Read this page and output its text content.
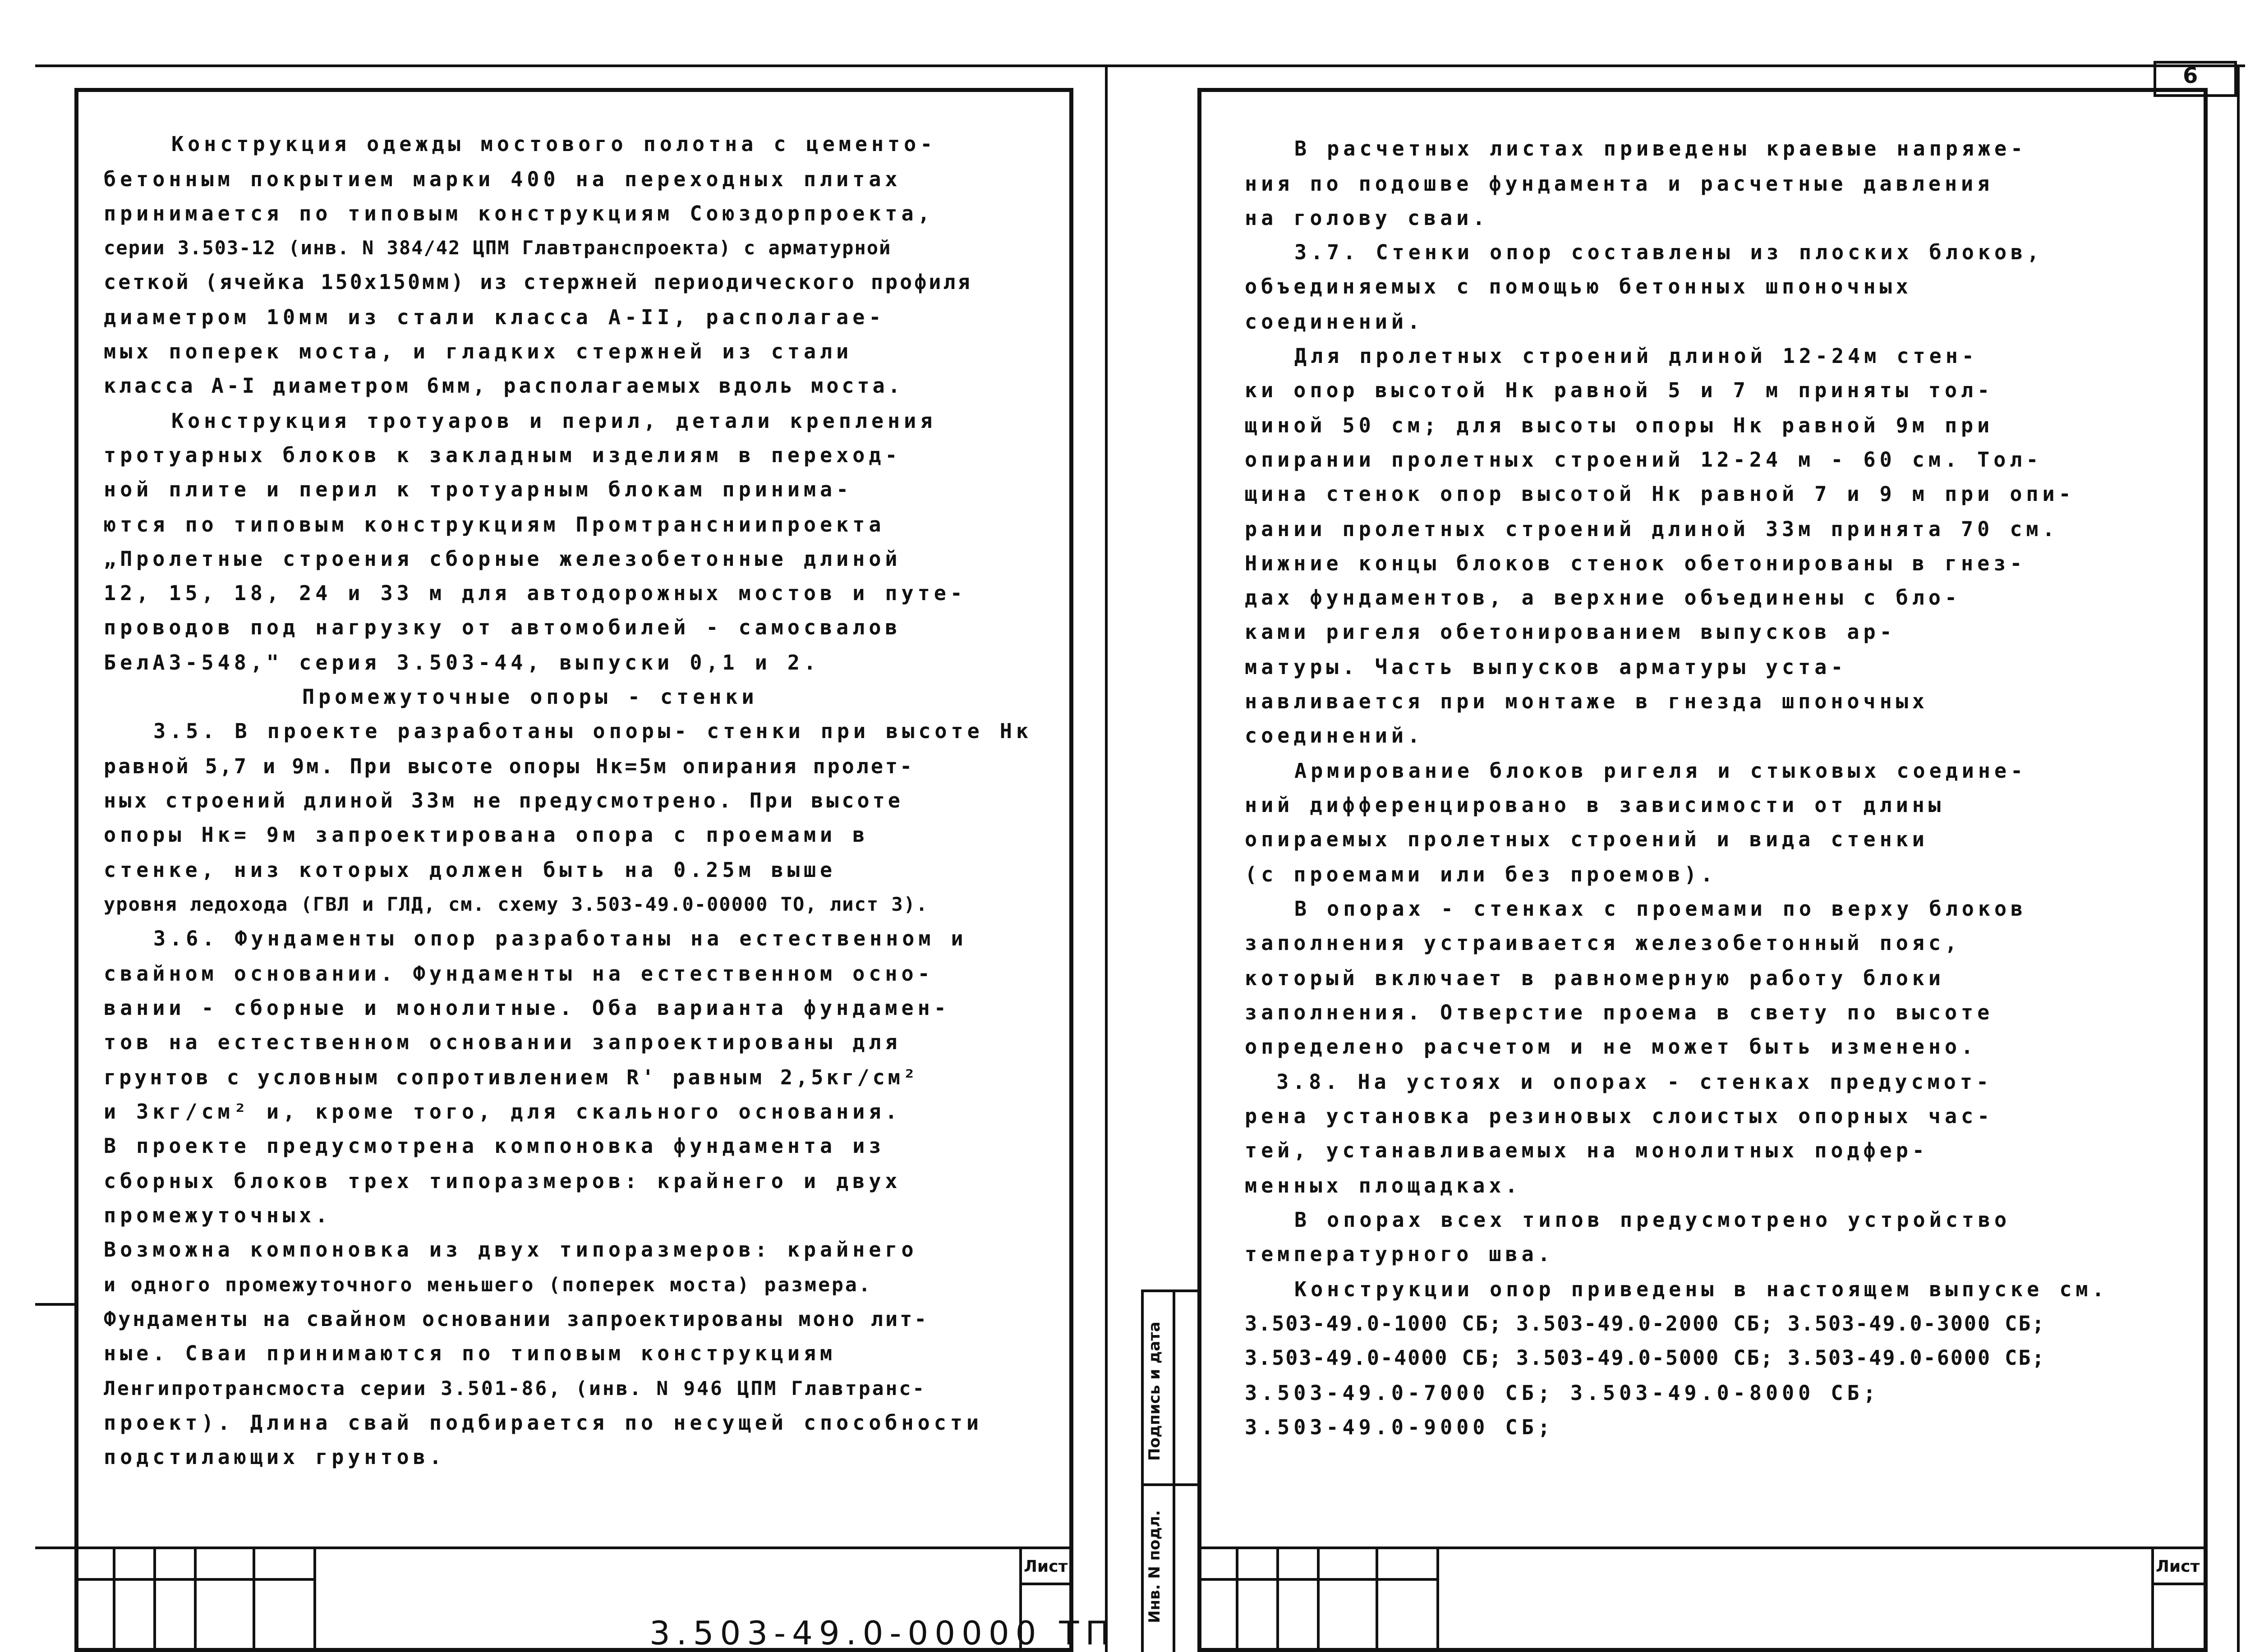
6
Конструкция одежды мостового полотна с цементо-
бетонным покрытием марки 400 на переходных плитах
принимается по типовым конструкциям Союздорпроекта,
серии 3.503-12 (инв. N 384/42 ЦПМ Главтранспроекта) с арматурной
сеткой (ячейка 150х150мм) из стержней периодического профиля
диаметром 10мм из стали класса А-II, располагае-
мых поперек моста, и гладких стержней из стали
класса А-I диаметром 6мм, располагаемых вдоль моста.
Конструкция тротуаров и перил, детали крепления
тротуарных блоков к закладным изделиям в переход-
ной плите и перил к тротуарным блокам принима-
ются по типовым конструкциям Промтрансниипроекта
„Пролетные строения сборные железобетонные длиной
12, 15, 18, 24 и 33 м для автодорожных мостов и путе-
проводов под нагрузку от автомобилей - самосвалов
БелАЗ-548," серия 3.503-44, выпуски 0,1 и 2.
Промежуточные опоры - стенки
3.5. В проекте разработаны опоры- стенки при высоте Нк
равной 5,7 и 9м. При высоте опоры Нк=5м опирания пролет-
ных строений длиной 33м не предусмотрено. При высоте
опоры Нк= 9м запроектирована опора с проемами в
стенке, низ которых должен быть на 0.25м выше
уровня ледохода (ГВЛ и ГЛД, см. схему 3.503-49.0-00000 ТО, лист 3).
3.6. Фундаменты опор разработаны на естественном и
свайном основании. Фундаменты на естественном осно-
вании - сборные и монолитные. Оба варианта фундамен-
тов на естественном основании запроектированы для
грунтов с условным сопротивлением R' равным 2,5кг/см²
и 3кг/см² и, кроме того, для скального основания.
В проекте предусмотрена компоновка фундамента из
сборных блоков трех типоразмеров: крайнего и двух
промежуточных.
Возможна компоновка из двух типоразмеров: крайнего
и одного промежуточного меньшего (поперек моста) размера.
Фундаменты на свайном основании запроектированы моно лит-
ные. Сваи принимаются по типовым конструкциям
Ленгипротрансмоста серии 3.501-86, (инв. N 946 ЦПМ Главтранс-
проект). Длина свай подбирается по несущей способности
подстилающих грунтов.
В расчетных листах приведены краевые напряже-
ния по подошве фундамента и расчетные давления
на голову сваи.
3.7. Стенки опор составлены из плоских блоков,
объединяемых с помощью бетонных шпоночных
соединений.
Для пролетных строений длиной 12-24м стен-
ки опор высотой Нк равной 5 и 7 м приняты тол-
щиной 50 см; для высоты опоры Нк равной 9м при
опирании пролетных строений 12-24 м - 60 см. Тол-
щина стенок опор высотой Нк равной 7 и 9 м при опи-
рании пролетных строений длиной 33м принята 70 см.
Нижние концы блоков стенок обетонированы в гнез-
дах фундаментов, а верхние объединены с бло-
ками ригеля обетонированием выпусков ар-
матуры. Часть выпусков арматуры уста-
навливается при монтаже в гнезда шпоночных
соединений.
Армирование блоков ригеля и стыковых соедине-
ний дифференцировано в зависимости от длины
опираемых пролетных строений и вида стенки
(с проемами или без проемов).
В опорах - стенках с проемами по верху блоков
заполнения устраивается железобетонный пояс,
который включает в равномерную работу блоки
заполнения. Отверстие проема в свету по высоте
определено расчетом и не может быть изменено.
3.8. На устоях и опорах - стенках предусмот-
рена установка резиновых слоистых опорных час-
тей, устанавливаемых на монолитных подфер-
менных площадках.
В опорах всех типов предусмотрено устройство
температурного шва.
Конструкции опор приведены в настоящем выпуске см.
3.503-49.0-1000 СБ; 3.503-49.0-2000 СБ; 3.503-49.0-3000 СБ;
3.503-49.0-4000 СБ; 3.503-49.0-5000 СБ; 3.503-49.0-6000 СБ;
3.503-49.0-7000 СБ; 3.503-49.0-8000 СБ;
3.503-49.0-9000 СБ;
Лист
3.503-49.0-00000 ТП
Лист
Подпись и дата
Инв. N подл.
